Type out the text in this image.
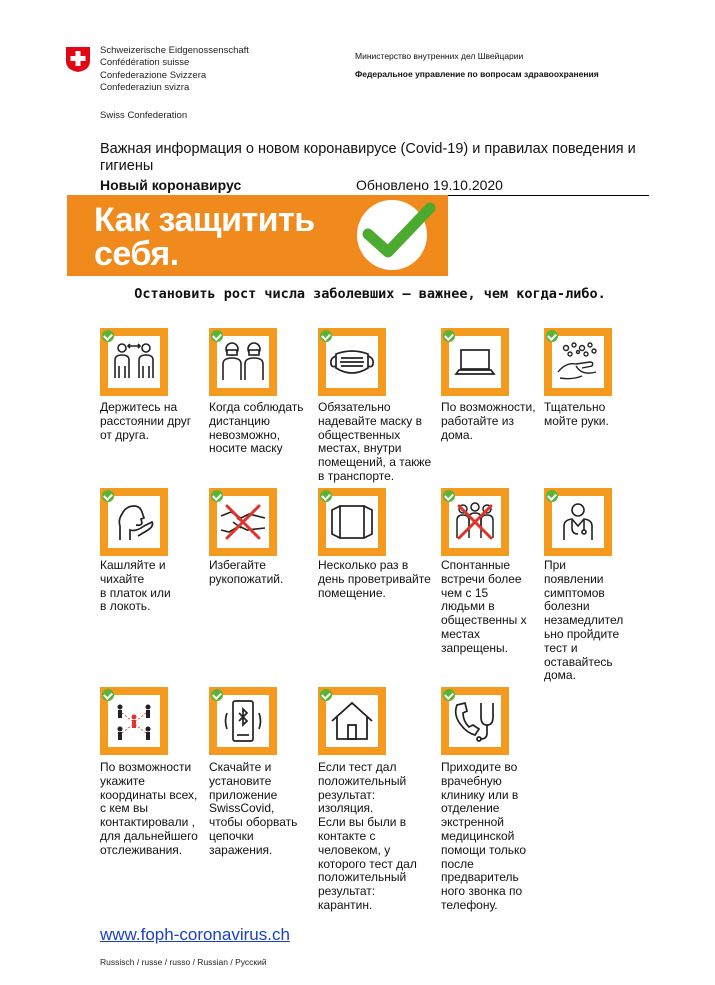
Schweizerische Eidgenossenschaft
Confédération suisse
Confederazione Svizzera
Confederaziun svizra
Swiss Confederation
Министерство внутренних дел Швейцарии
Федеральное управление по вопросам здравоохранения
Важная информация о новом коронавирусе (Covid-19) и правилах поведения и гигиены
Новый коронавирус	Обновлено 19.10.2020
Как защитить
себя.
Остановить рост числа заболевших — важнее, чем когда-либо.
Держитесь на расстоянии друг от друга.
Когда соблюдать дистанцию невозможно, носите маску
Обязательно надевайте маску в общественных местах, внутри помещений, а также в транспорте.
По возможности, работайте из дома.
Тщательно мойте руки.
Кашляйте и чихайте
в платок или
в локоть.
Избегайте рукопожатий.
Несколько раз в день проветривайте помещение.
Спонтанные встречи более чем с 15 людьми в общественны х местах запрещены.
При появлении симптомов болезни незамедлител ьно пройдите тест и оставайтесь дома.
По возможности укажите координаты всех, с кем вы контактировали , для дальнейшего отслеживания.
Скачайте и установите приложение SwissCovid, чтобы оборвать цепочки заражения.
Если тест дал положительный результат: изоляция.
Если вы были в контакте с человеком, у которого тест дал положительный результат: карантин.
Приходите во врачебную клинику или в отделение экстренной медицинской помощи только после предваритель ного звонка по телефону.
www.foph-coronavirus.ch
Russisch / russe / russo / Russian / Русский
